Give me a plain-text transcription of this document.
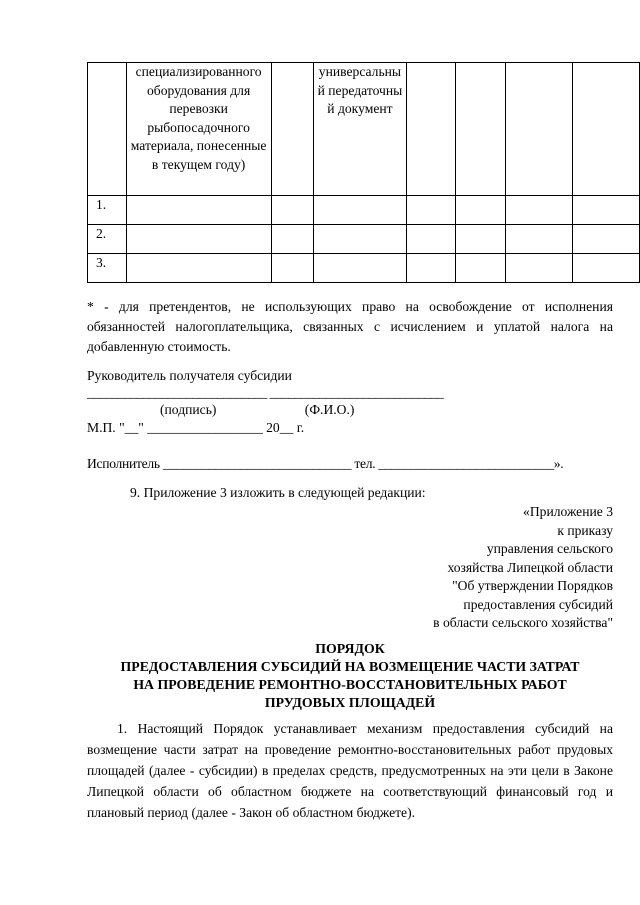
	специализированного оборудования для перевозки рыбопосадочного материала, понесенные в текущем году)		универсальный передаточный документ				

1.							
2.							
3.							
* - для претендентов, не использующих право на освобождение от исполнения обязанностей налогоплательщика, связанных с исчислением и уплатой налога на добавленную стоимость.
Руководитель получателя субсидии
_____________________________ ____________________________
(подпись)                          (Ф.И.О.)
М.П. "__" _________________ 20__ г.
Исполнитель _____________________________ тел. ___________________________».
9. Приложение 3 изложить в следующей редакции:
«Приложение 3
к приказу
управления сельского
хозяйства Липецкой области
"Об утверждении Порядков
предоставления субсидий
в области сельского хозяйства"
ПОРЯДОК
ПРЕДОСТАВЛЕНИЯ СУБСИДИЙ НА ВОЗМЕЩЕНИЕ ЧАСТИ ЗАТРАТ
НА ПРОВЕДЕНИЕ РЕМОНТНО-ВОССТАНОВИТЕЛЬНЫХ РАБОТ
ПРУДОВЫХ ПЛОЩАДЕЙ
1. Настоящий Порядок устанавливает механизм предоставления субсидий на возмещение части затрат на проведение ремонтно-восстановительных работ прудовых площадей (далее - субсидии) в пределах средств, предусмотренных на эти цели в Законе Липецкой области об областном бюджете на соответствующий финансовый год и плановый период (далее - Закон об областном бюджете).
